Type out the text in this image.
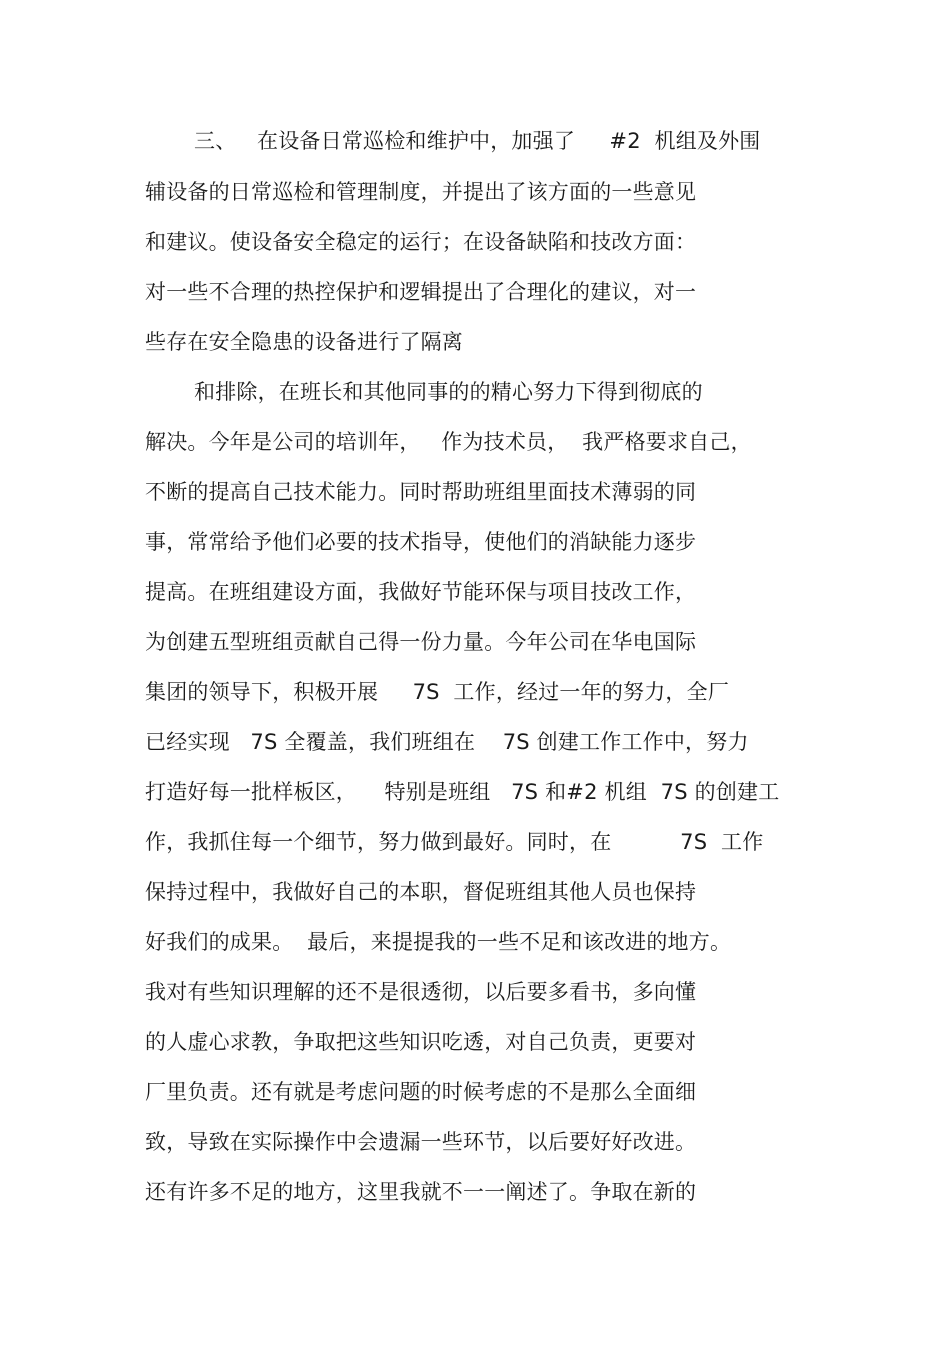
三、   在设备日常巡检和维护中，加强了     #2  机组及外围
辅设备的日常巡检和管理制度，并提出了该方面的一些意见
和建议。使设备安全稳定的运行；在设备缺陷和技改方面：
对一些不合理的热控保护和逻辑提出了合理化的建议，对一
些存在安全隐患的设备进行了隔离
和排除，在班长和其他同事的的精心努力下得到彻底的
解决。今年是公司的培训年，   作为技术员，  我严格要求自己，
不断的提高自己技术能力。同时帮助班组里面技术薄弱的同
事，常常给予他们必要的技术指导，使他们的消缺能力逐步
提高。在班组建设方面，我做好节能环保与项目技改工作，
为创建五型班组贡献自己得一份力量。今年公司在华电国际
集团的领导下，积极开展     7S  工作，经过一年的努力，全厂
已经实现   7S 全覆盖，我们班组在    7S 创建工作工作中，努力
打造好每一批样板区，    特别是班组   7S 和#2 机组  7S 的创建工
作，我抓住每一个细节，努力做到最好。同时，在          7S  工作
保持过程中，我做好自己的本职，督促班组其他人员也保持
好我们的成果。  最后，来提提我的一些不足和该改进的地方。
我对有些知识理解的还不是很透彻，以后要多看书，多向懂
的人虚心求教，争取把这些知识吃透，对自己负责，更要对
厂里负责。还有就是考虑问题的时候考虑的不是那么全面细
致，导致在实际操作中会遗漏一些环节，以后要好好改进。
还有许多不足的地方，这里我就不一一阐述了。争取在新的
